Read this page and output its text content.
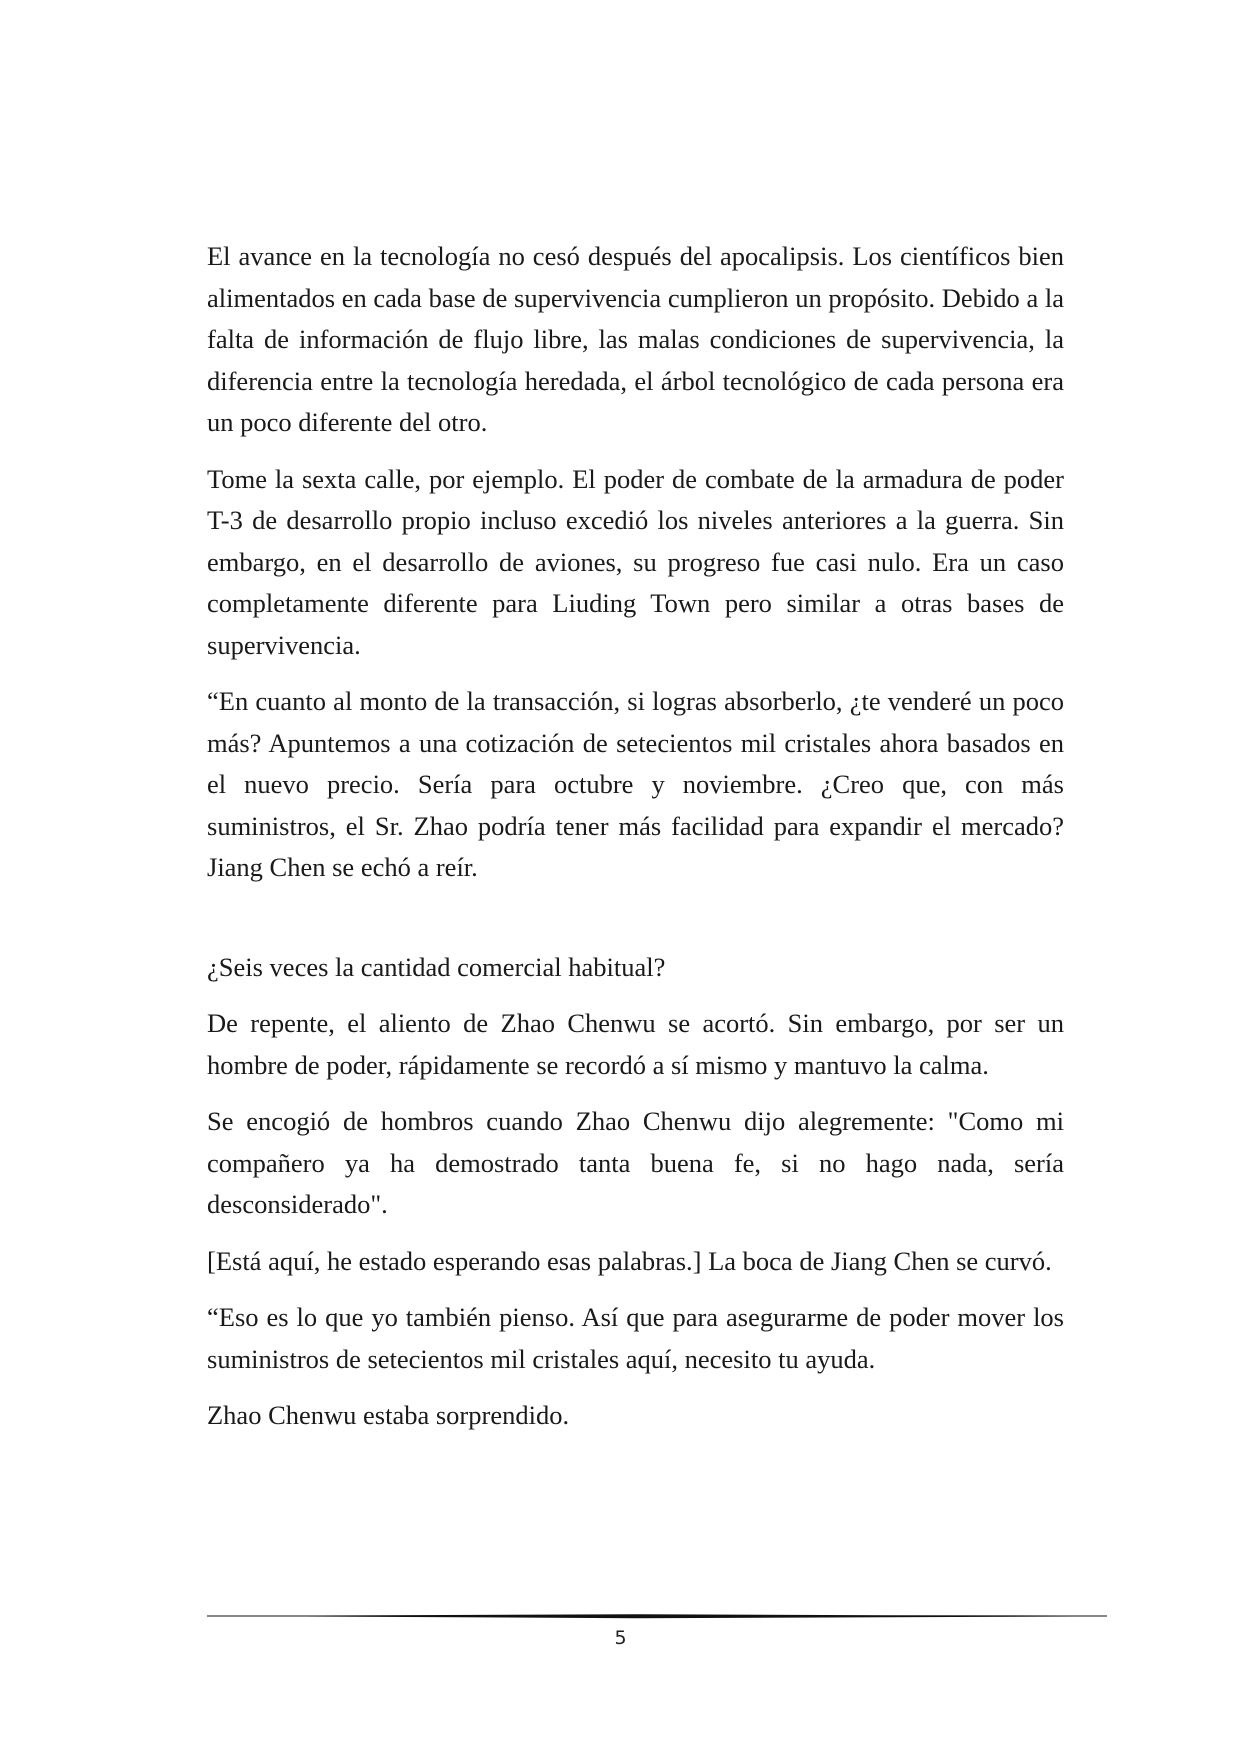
El avance en la tecnología no cesó después del apocalipsis. Los científicos bien alimentados en cada base de supervivencia cumplieron un propósito. Debido a la falta de información de flujo libre, las malas condiciones de supervivencia, la diferencia entre la tecnología heredada, el árbol tecnológico de cada persona era un poco diferente del otro.

Tome la sexta calle, por ejemplo. El poder de combate de la armadura de poder T-3 de desarrollo propio incluso excedió los niveles anteriores a la guerra. Sin embargo, en el desarrollo de aviones, su progreso fue casi nulo. Era un caso completamente diferente para Liuding Town pero similar a otras bases de supervivencia.

“En cuanto al monto de la transacción, si logras absorberlo, ¿te venderé un poco más? Apuntemos a una cotización de setecientos mil cristales ahora basados en el nuevo precio. Sería para octubre y noviembre. ¿Creo que, con más suministros, el Sr. Zhao podría tener más facilidad para expandir el mercado? Jiang Chen se echó a reír.

¿Seis veces la cantidad comercial habitual?

De repente, el aliento de Zhao Chenwu se acortó. Sin embargo, por ser un hombre de poder, rápidamente se recordó a sí mismo y mantuvo la calma.

Se encogió de hombros cuando Zhao Chenwu dijo alegremente: "Como mi compañero ya ha demostrado tanta buena fe, si no hago nada, sería desconsiderado".

[Está aquí, he estado esperando esas palabras.] La boca de Jiang Chen se curvó.

“Eso es lo que yo también pienso. Así que para asegurarme de poder mover los suministros de setecientos mil cristales aquí, necesito tu ayuda.

Zhao Chenwu estaba sorprendido.

5
